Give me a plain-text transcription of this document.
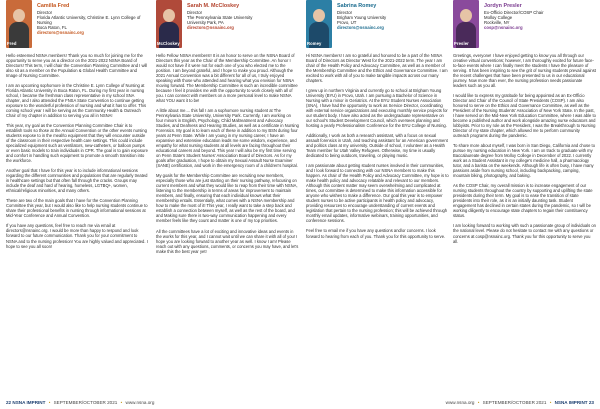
Fred
Camilla Fred
Director
Florida Atlantic University, Christine E. Lynn College of Nursing
Boca Raton, FL
directors@nsnainc.org

Hello esteemed NSNA members! Thank you so much for joining me for the opportunity to serve you as a director on the 2021-2022 NSNA Board of Directors! This term, I will chair the Convention Planning Committee and I will also sit as a member on the Population & Global Health Committee and Image of Nursing Committee.

I am an upcoming sophomore in the Christine E. Lynn College of Nursing at Florida Atlantic University in Boca Raton, FL. During my first year in nursing school, I became the freshman class representative in my school SNA chapter, and I also attended the FNSA State Convention to continue getting exposure to the wonderful profession of nursing and what it has to offer. This coming school year I will be serving as the Community Health & Outreach Chair of my chapter in addition to serving you all in NSNA!

This year, my goal as the Convention Planning Committee Chair is to establish tools so those at the Annual Convention or the other events nursing students expose to in the meal/to equipment that they will encounter outside of the classroom in their respective health care settings. This could include specialized equipment such as ventilators, new-catheters, or balloon pumps or even basic models to train individuals in CPR. The goal is to gain exposure and comfort in handling such equipment to promote a smooth transition into the workforce.

Another goal that I have for this year is to include informational sessions regarding the different communities and populations that are regularly treated in healthcare settings but that often fall through the cracks. Groups may include the deaf and hard of hearing, homeless, LGTBQ+, women, ethnical/religious minorities, and many others.

These are two of the main goals that I have for the Convention Planning Committee this year, but I would also like to help nursing students continue to share their professional benefits in nursing through informational sessions at Mid-Year Conference and Annual Convention.

If you have any questions, feel free to reach me via email at directors@nsnainc.org. I would be more than happy to respond and look forward to our future communication. Thank you for your commitment to NSNA and to the nursing profession! You are highly valued and appreciated. I hope to see you all soon!

McCloskey
Sarah M. McCloskey
Director
The Pennsylvania State University
University Park, PA
directors@nsnainc.org

Hello Fellow NSNA members!! It is an honor to serve on the NSNA Board of Directors this year as the Chair of the Membership Committee. An honor I would not have if it were not for each one of you who elected me to the position. I am beyond grateful, and I hope to make you proud. Although the 2021 Annual Convention was a bit different for all of us, I truly enjoyed speaking with those who attended and hearing what you envision for NSNA moving forward. The Membership Committee is such an incredible committee because I feel it provides me with the opportunity to work closely with all of you. I can connect with members on a more personal level to make NSNA what YOU want it to be!

A little about me.... this fall I am a sophomore nursing student at The Pennsylvania State University, University Park. Currently, I am working on four minors in English, Psychology, Child Maltreatment and Advocacy Studies, and Deafness and Hearing Studies, as well as a certificate in Nursing Forensics. My goal is to learn each of these in addition to my BSN during four years at Penn State. While I am young in my nursing career, I have an expansive and extensive education leads me some wisdom, experience, and empathy for what nursing students at all levels are facing throughout their educational careers and beyond. This year I will also be my first time serving on Penn State's Student Nurses' Association Board of Directors. As for my goals after graduation, I hope to obtain my Sexual Assault Nurse Examiner (SANE) certification, and work in the emergency room of a children's hospital.

My goals for the Membership Committee are recruiting new members, especially those who are just starting on their nursing pathway, refocusing on current members and what they would like to reap from their time with NSNA, listening to the membership in terms of areas for improvement to maintain members, and finally, ensuring that each individual knows what their membership entails. Essentially, what comes with a NSNA membership and how to make the most of it! This year, I really want to take a step back and establish a connection between myself, as well as the rest of the board, and and Making sure there is two-way communication happening and every member feels like they count and matter is one of my top priorities.

All the committees have a lot of exciting and innovative ideas and events in the works for this year, and I cannot wait until we can share it with all of you! I hope you are looking forward to another year as well. I know I am! Please reach out with any questions, comments, or concerns you may have, and let's make this the best year yet!

Romey
Sabrina Romey
Director
Brigham Young University
Provo, UT
directors@nsnainc.org

Hi NSNA members! I am so grateful and honored to be a part of the NSNA Board of Directors as Director West for the 2021-2022 term. The year I am chair of the Health Policy and Advocacy Committee, as well as a member of the Membership Committee and the Ethics and Governance Committee. I am excited to work with all of you to make tangible impacts across our many chapters.

I grew up in northern Virginia and currently go to school at Brigham Young University (BYU) in Provo, Utah. I am pursuing a Bachelor of Science in Nursing with a minor in Geriatrics. At the BYU Student Nurses Association (SNA), I have had the opportunity to work as Service Director, coordinating with external service organizations and executing monthly service projects for our student body. I have also acted as the undergraduate representative on our school's Student Development Council, which oversees planning and hosting a yearly Professionalism Conference for the BYU College of Nursing.

Additionally, I work as both a research assistant, with a focus on sexual assault forensics in Utah, and teaching assistant for an American government and politics class at my university. Outside of school, I volunteer as a Health Team member for Utah Valley Refugees. Otherwise, my time is usually dedicated to being outdoors, traveling, or playing music.

I am passionate about getting student nurses involved in their communities, and I look forward to connecting with our NSNA members to make this happen. As chair of the Health Policy and Advocacy Committee, my hope is to make health policy and advocacy relatable and relevant to our members. Although this content matter may seem overwhelming and complicated at times, our committee is determined to make this information accessible for anyone who wishes to make a difference. Our goal this year is to empower student nurses to be active participants in health policy and advocacy, providing resources to encourage understanding of current events and legislation that pertain to the nursing profession; this will be achieved through monthly email updates, informative webinars, training opportunities, and conference sessions.

Feel free to email me if you have any questions and/or concerns. I look forward to hearing from each of you. Thank you for this opportunity to serve.

Presler
Jordyn Presler
Ex-Officio Director/COSP Chair
Molloy College
Rockville, NY
cosp@nsnainc.org

Greetings, everyone! I have enjoyed getting to know you all through our creative virtual conventions; however, I am thoroughly excited for future face-to-face events where I can finally meet the students I have the pleasure of serving. It has been inspiring to see the grit of nursing students prevail against the recent challenges that have been presented to us in our educational journey. Now more than ever, the nursing profession needs passionate leaders such as you all.

I would like to express my gratitude for being appointed as an Ex-Officio Director and Chair of the Council of State Presidents (COSP). I am also honored to serve on the Ethics and Governance Committee, as well as the President of the Nursing Students' Association of New York State. In the past, I have served on the Mid-New York Education Committee, where I was able to become a published author and work alongside amazing nurse educators and lobbyists. Prior to my role as the President, I was the Breakthrough to Nursing Director of my state chapter, which allowed me to perform community outreach programs during the pandemic.

To share more about myself, I was born in San Diego, California and chose to pursue my nursing education in New York. I am on track to graduate with my Baccalaureate degree from Molloy College in December of 2022. I currently work as a Student Assistant in my college's medicine hall, a pharmacology tutor, and a barista on the weekends. Although life is often busy, I have many passions aside from nursing school, including backpacking, camping, mountain biking, photography, and baking.

As the COSP Chair, my overall mission is to increase engagement of our nursing students throughout the country by supporting and uplifting the state presidents during their term. My goal is to ease the transition of state presidents into their role, as it is an initially daunting task. Student engagement has declined in certain states during the pandemic, so I will be working diligently to encourage state chapters to regain their constituency status.

I am looking forward to working with such a passionate group of individuals on the national level. Please do not hesitate to contact me with any questions or concerns at cosp@nsnainc.org. Thank you for this opportunity to serve you all.

22 NSNA IMPRINT • SEPTEMBER/OCTOBER 2021 • www.nsna.org	www.nsna.org • SEPTEMBER/OCTOBER 2021 • NSNA IMPRINT 23
